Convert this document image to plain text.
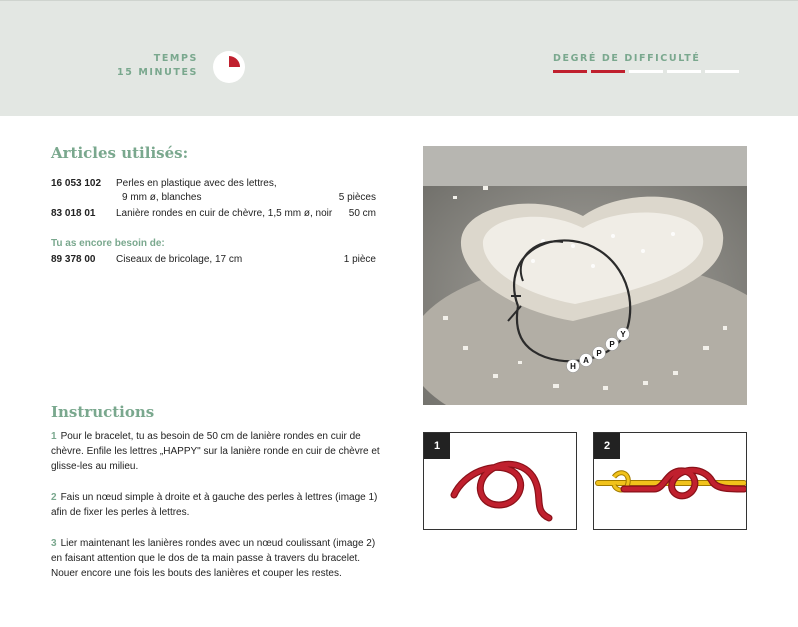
TEMPS
15 MINUTES
DEGRÉ DE DIFFICULTÉ
Articles utilisés:
16 053 102 Perles en plastique avec des lettres,
9 mm ø, blanches	5 pièces
83 018 01 Lanière rondes en cuir de chèvre, 1,5 mm ø, noir 50 cm
Tu as encore besoin de:
89 378 00 Ciseaux de bricolage, 17 cm	1 pièce
H
A
P
P
Y
Instructions
1 Pour le bracelet, tu as besoin de 50 cm de lanière rondes en cuir de
chèvre. Enfile les lettres „HAPPY" sur la lanière ronde en cuir de chèvre et
glisse-les au milieu.
2 Fais un nœud simple à droite et à gauche des perles à lettres (image 1)
afin de fixer les perles à lettres.
3 Lier maintenant les lanières rondes avec un nœud coulissant (image 2)
en faisant attention que le dos de ta main passe à travers du bracelet.
Nouer encore une fois les bouts des lanières et couper les restes.
1	2
